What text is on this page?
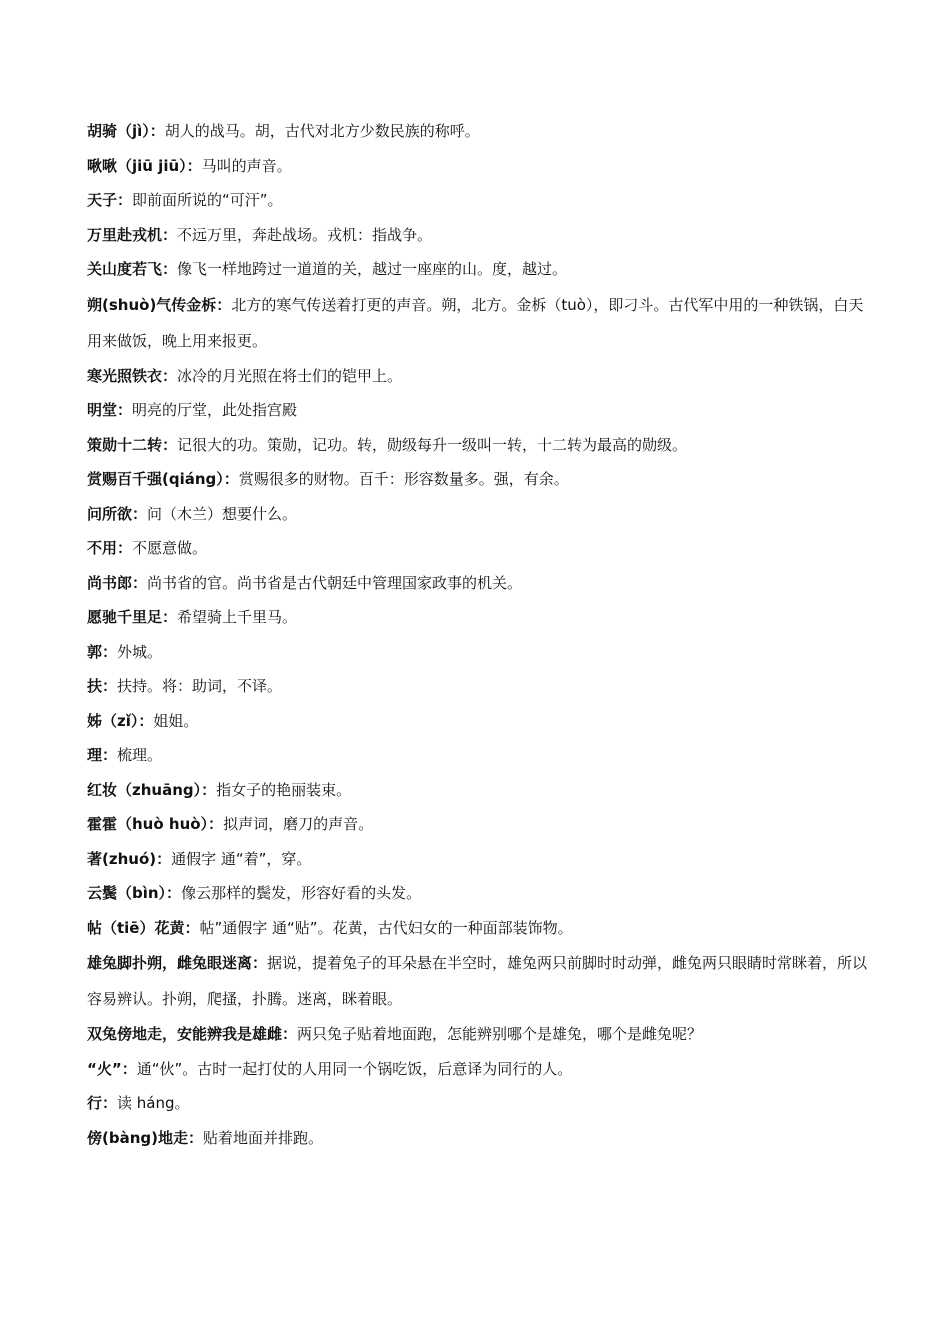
胡骑（jì）：胡人的战马。胡，古代对北方少数民族的称呼。
啾啾（jiū jiū）：马叫的声音。
天子：即前面所说的“可汗”。
万里赴戎机：不远万里，奔赴战场。戎机：指战争。
关山度若飞：像飞一样地跨过一道道的关，越过一座座的山。度，越过。
朔(shuò)气传金柝：北方的寒气传送着打更的声音。朔，北方。金柝（tuò），即刁斗。古代军中用的一种铁锅，白天用来做饭，晚上用来报更。
寒光照铁衣：冰冷的月光照在将士们的铠甲上。
明堂：明亮的厅堂，此处指宫殿
策勋十二转：记很大的功。策勋，记功。转，勋级每升一级叫一转，十二转为最高的勋级。
赏赐百千强(qiáng）：赏赐很多的财物。百千：形容数量多。强，有余。
问所欲：问（木兰）想要什么。
不用：不愿意做。
尚书郎：尚书省的官。尚书省是古代朝廷中管理国家政事的机关。
愿驰千里足：希望骑上千里马。
郭：外城。
扶：扶持。将：助词，不译。
姊（zǐ）：姐姐。
理：梳理。
红妆（zhuāng）：指女子的艳丽装束。
霍霍（huò huò）：拟声词，磨刀的声音。
著(zhuó)：通假字 通“着”，穿。
云鬓（bìn）：像云那样的鬓发，形容好看的头发。
帖（tiē）花黄：帖”通假字 通“贴”。花黄，古代妇女的一种面部装饰物。
雄兔脚扑朔，雌兔眼迷离：据说，提着兔子的耳朵悬在半空时，雄兔两只前脚时时动弹，雌兔两只眼睛时常眯着，所以容易辨认。扑朔，爬搔，扑腾。迷离，眯着眼。
双兔傍地走，安能辨我是雄雌：两只兔子贴着地面跑，怎能辨别哪个是雄兔，哪个是雌兔呢？
“火”：通“伙”。古时一起打仗的人用同一个锅吃饭，后意译为同行的人。
行：读 háng。
傍(bàng)地走：贴着地面并排跑。
